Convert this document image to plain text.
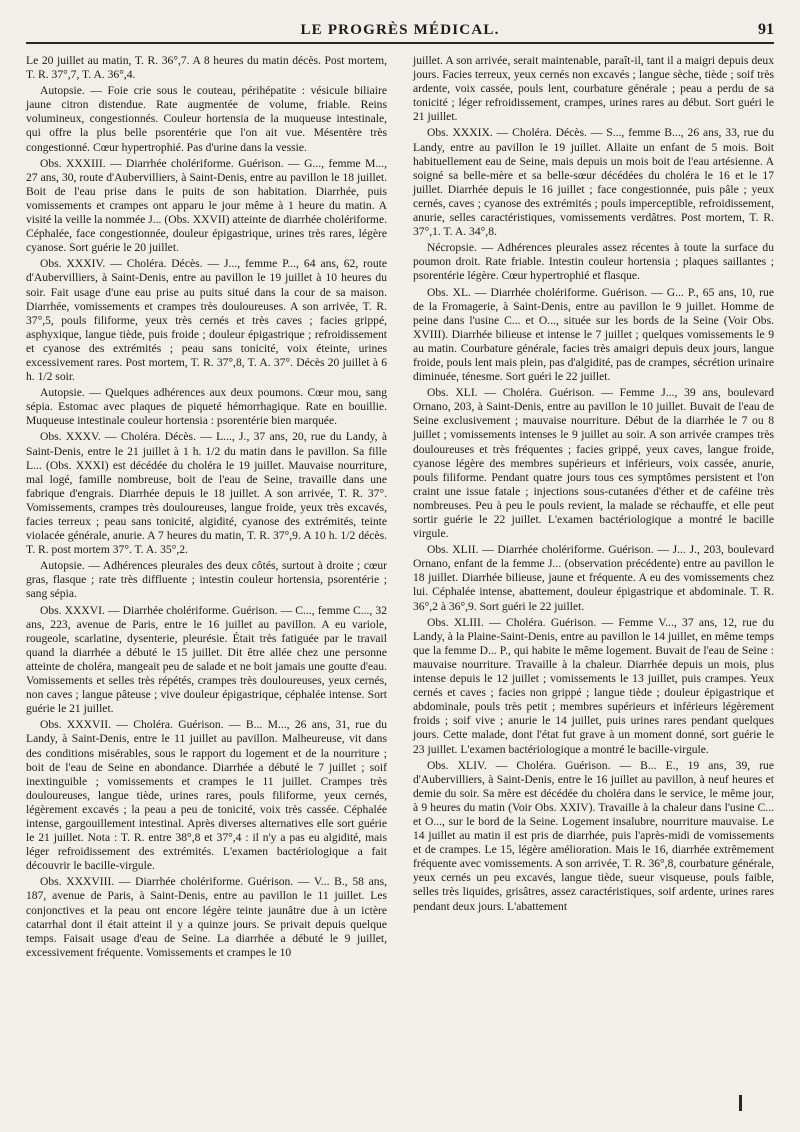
LE PROGRÈS MÉDICAL.	91

Le 20 juillet au matin, T. R. 36°,7. A 8 heures du matin décès. Post mortem, T. R. 37°,7, T. A. 36°,4.

Autopsie. — Foie crie sous le couteau, périhépatite : vésicule biliaire jaune citron distendue. Rate augmentée de volume, friable. Reins volumineux, congestionnés. Couleur hortensia de la muqueuse intestinale, qui offre la plus belle psorentérie que l'on ait vue. Mésentère très congestionné. Cœur hypertrophié. Pas d'urine dans la vessie.

Obs. XXXIII. — Diarrhée cholériforme. Guérison. — G..., femme M..., 27 ans, 30, route d'Aubervilliers, à Saint-Denis, entre au pavillon le 18 juillet. Boit de l'eau prise dans le puits de son habitation. Diarrhée, puis vomissements et crampes ont apparu le jour même à 1 heure du matin. A visité la veille la nommée J... (Obs. XXVII) atteinte de diarrhée cholériforme. Céphalée, face congestionnée, douleur épigastrique, urines très rares, légère cyanose. Sort guérie le 20 juillet.

Obs. XXXIV. — Choléra. Décès. — J..., femme P..., 64 ans, 62, route d'Aubervilliers, à Saint-Denis, entre au pavillon le 19 juillet à 10 heures du soir. Fait usage d'une eau prise au puits situé dans la cour de sa maison. Diarrhée, vomissements et crampes très douloureuses. A son arrivée, T. R. 37°,5, pouls filiforme, yeux très cernés et très caves ; facies grippé, asphyxique, langue tiède, puis froide ; douleur épigastrique ; refroidissement et cyanose des extrémités ; peau sans tonicité, voix éteinte, urines excessivement rares. Post mortem, T. R. 37°,8, T. A. 37°. Décès 20 juillet à 6 h. 1/2 soir.

Autopsie. — Quelques adhérences aux deux poumons. Cœur mou, sang sépia. Estomac avec plaques de piqueté hémorrhagique. Rate en bouillie. Muqueuse intestinale couleur hortensia : psorentérie bien marquée.

Obs. XXXV. — Choléra. Décès. — L..., J., 37 ans, 20, rue du Landy, à Saint-Denis, entre le 21 juillet à 1 h. 1/2 du matin dans le pavillon. Sa fille L... (Obs. XXXI) est décédée du choléra le 19 juillet. Mauvaise nourriture, mal logé, famille nombreuse, boit de l'eau de Seine, travaille dans une fabrique d'engrais. Diarrhée depuis le 18 juillet. A son arrivée, T. R. 37°. Vomissements, crampes très douloureuses, langue froide, yeux très excavés, facies terreux ; peau sans tonicité, algidité, cyanose des extrémités, teinte violacée générale, anurie. A 7 heures du matin, T. R. 37°,9. A 10 h. 1/2 décès. T. R. post mortem 37°. T. A. 35°,2.

Autopsie. — Adhérences pleurales des deux côtés, surtout à droite ; cœur gras, flasque ; rate très diffluente ; intestin couleur hortensia, psorentérie ; sang sépia.

Obs. XXXVI. — Diarrhée cholériforme. Guérison. — C..., femme C..., 32 ans, 223, avenue de Paris, entre le 16 juillet au pavillon. A eu variole, rougeole, scarlatine, dysenterie, pleurésie. Était très fatiguée par le travail quand la diarrhée a débuté le 15 juillet. Dit être allée chez une personne atteinte de choléra, mangeait peu de salade et ne boit jamais une goutte d'eau. Vomissements et selles très répétés, crampes très douloureuses, yeux cernés, non caves ; langue pâteuse ; vive douleur épigastrique, céphalée intense. Sort guérie le 21 juillet.

Obs. XXXVII. — Choléra. Guérison. — B... M..., 26 ans, 31, rue du Landy, à Saint-Denis, entre le 11 juillet au pavillon. Malheureuse, vit dans des conditions misérables, sous le rapport du logement et de la nourriture ; boit de l'eau de Seine en abondance. Diarrhée a débuté le 7 juillet ; soif inextinguible ; vomissements et crampes le 11 juillet. Crampes très douloureuses, langue tiède, urines rares, pouls filiforme, yeux cernés, légèrement excavés ; la peau a peu de tonicité, voix très cassée. Céphalée intense, gargouillement intestinal. Après diverses alternatives elle sort guérie le 21 juillet. Nota : T. R. entre 38°,8 et 37°,4 : il n'y a pas eu algidité, mais léger refroidissement des extrémités. L'examen bactériologique a fait découvrir le bacille-virgule.

Obs. XXXVIII. — Diarrhée cholériforme. Guérison. — V... B., 58 ans, 187, avenue de Paris, à Saint-Denis, entre au pavillon le 11 juillet. Les conjonctives et la peau ont encore légère teinte jaunâtre due à un ictère catarrhal dont il était atteint il y a quinze jours. Se privait depuis quelque temps. Faisait usage d'eau de Seine. La diarrhée a débuté le 9 juillet, excessivement fréquente. Vomissements et crampes le 10

juillet. A son arrivée, serait maintenable, paraît-il, tant il a maigri depuis deux jours. Facies terreux, yeux cernés non excavés ; langue sèche, tiède ; soif très ardente, voix cassée, pouls lent, courbature générale ; peau a perdu de sa tonicité ; léger refroidissement, crampes, urines rares au début. Sort guéri le 21 juillet.

Obs. XXXIX. — Choléra. Décès. — S..., femme B..., 26 ans, 33, rue du Landy, entre au pavillon le 19 juillet. Allaite un enfant de 5 mois. Boit habituellement eau de Seine, mais depuis un mois boit de l'eau artésienne. A soigné sa belle-mère et sa belle-sœur décédées du choléra le 16 et le 17 juillet. Diarrhée depuis le 16 juillet ; face congestionnée, puis pâle ; yeux cernés, caves ; cyanose des extrémités ; pouls imperceptible, refroidissement, anurie, selles caractéristiques, vomissements verdâtres. Post mortem, T. R. 37°,1. T. A. 34°,8.

Nécropsie. — Adhérences pleurales assez récentes à toute la surface du poumon droit. Rate friable. Intestin couleur hortensia ; plaques saillantes ; psorentérie légère. Cœur hypertrophié et flasque.

Obs. XL. — Diarrhée cholériforme. Guérison. — G... P., 65 ans, 10, rue de la Fromagerie, à Saint-Denis, entre au pavillon le 9 juillet. Homme de peine dans l'usine C... et O..., située sur les bords de la Seine (Voir Obs. XVIII). Diarrhée bilieuse et intense le 7 juillet ; quelques vomissements le 9 au matin. Courbature générale, facies très amaigri depuis deux jours, langue froide, pouls lent mais plein, pas d'algidité, pas de crampes, sécrétion urinaire diminuée, ténesme. Sort guéri le 22 juillet.

Obs. XLI. — Choléra. Guérison. — Femme J..., 39 ans, boulevard Ornano, 203, à Saint-Denis, entre au pavillon le 10 juillet. Buvait de l'eau de Seine exclusivement ; mauvaise nourriture. Début de la diarrhée le 7 ou 8 juillet ; vomissements intenses le 9 juillet au soir. A son arrivée crampes très douloureuses et très fréquentes ; facies grippé, yeux caves, langue froide, cyanose légère des membres supérieurs et inférieurs, voix cassée, anurie, pouls filiforme. Pendant quatre jours tous ces symptômes persistent et l'on craint une issue fatale ; injections sous-cutanées d'éther et de caféine très nombreuses. Peu à peu le pouls revient, la malade se réchauffe, et elle peut sortir guérie le 22 juillet. L'examen bactériologique a montré le bacille virgule.

Obs. XLII. — Diarrhée cholériforme. Guérison. — J... J., 203, boulevard Ornano, enfant de la femme J... (observation précédente) entre au pavillon le 18 juillet. Diarrhée bilieuse, jaune et fréquente. A eu des vomissements chez lui. Céphalée intense, abattement, douleur épigastrique et abdominale. T. R. 36°,2 à 36°,9. Sort guéri le 22 juillet.

Obs. XLIII. — Choléra. Guérison. — Femme V..., 37 ans, 12, rue du Landy, à la Plaine-Saint-Denis, entre au pavillon le 14 juillet, en même temps que la femme D... P., qui habite le même logement. Buvait de l'eau de Seine : mauvaise nourriture. Travaille à la chaleur. Diarrhée depuis un mois, plus intense depuis le 12 juillet ; vomissements le 13 juillet, puis crampes. Yeux cernés et caves ; facies non grippé ; langue tiède ; douleur épigastrique et abdominale, pouls très petit ; membres supérieurs et inférieurs légèrement froids ; soif vive ; anurie le 14 juillet, puis urines rares pendant quelques jours. Cette malade, dont l'état fut grave à un moment donné, sort guérie le 23 juillet. L'examen bactériologique a montré le bacille-virgule.

Obs. XLIV. — Choléra. Guérison. — B... E., 19 ans, 39, rue d'Aubervilliers, à Saint-Denis, entre le 16 juillet au pavillon, à neuf heures et demie du soir. Sa mère est décédée du choléra dans le service, le même jour, à 9 heures du matin (Voir Obs. XXIV). Travaille à la chaleur dans l'usine C... et O..., sur le bord de la Seine. Logement insalubre, nourriture mauvaise. Le 14 juillet au matin il est pris de diarrhée, puis l'après-midi de vomissements et de crampes. Le 15, légère amélioration. Mais le 16, diarrhée extrêmement fréquente avec vomissements. A son arrivée, T. R. 36°,8, courbature générale, yeux cernés un peu excavés, langue tiède, sueur visqueuse, pouls faible, selles très liquides, grisâtres, assez caractéristiques, soif ardente, urines rares pendant deux jours. L'abattement
